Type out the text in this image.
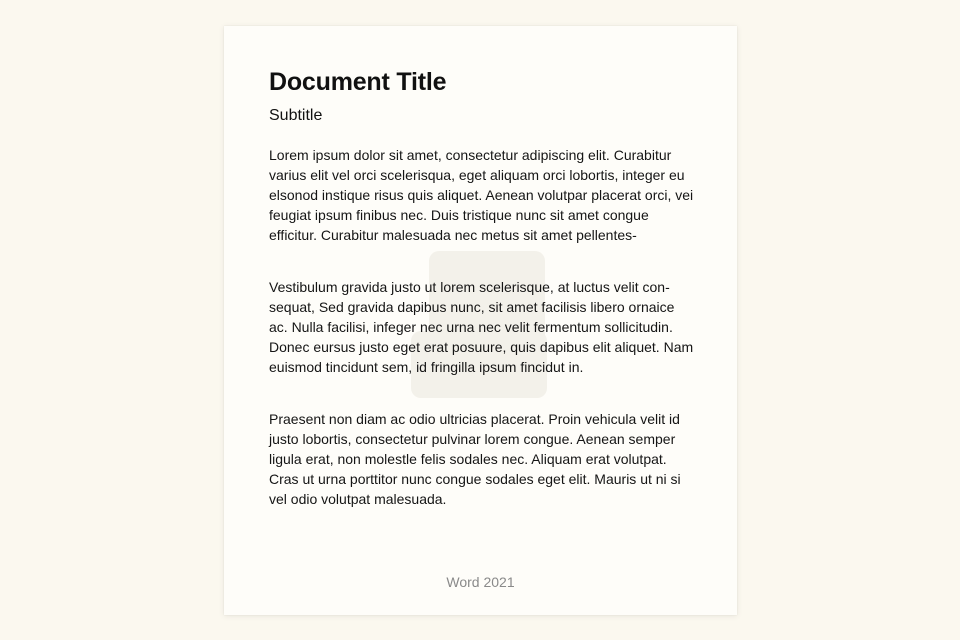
Document Title
Subtitle

Lorem ipsum dolor sit amet, consectetur adipiscing elit. Curabitur varius elit vel orci scelerisqua, eget aliquam orci lobortis, integer eu elsonod instique risus quis aliquet. Aenean volutpar placerat orci, vei feugiat ipsum finibus nec. Duis tristique nunc sit amet congue efficitur. Curabitur malesuada nec metus sit amet pellentes-

Vestibulum gravida justo ut lorem scelerisque, at luctus velit con-sequat, Sed gravida dapibus nunc, sit amet facilisis libero ornaice ac. Nulla facilisi, infeger nec urna nec velit fermentum sollicitudin. Donec eursus justo eget erat posuure, quis dapibus elit aliquet. Nam euismod tincidunt sem, id fringilla ipsum fincidut in.

Praesent non diam ac odio ultricias placerat. Proin vehicula velit id justo lobortis, consectetur pulvinar lorem congue. Aenean semper ligula erat, non molestle felis sodales nec. Aliquam erat volutpat. Cras ut urna porttitor nunc congue sodales eget elit. Mauris ut ni si vel odio volutpat malesuada.

Word 2021
